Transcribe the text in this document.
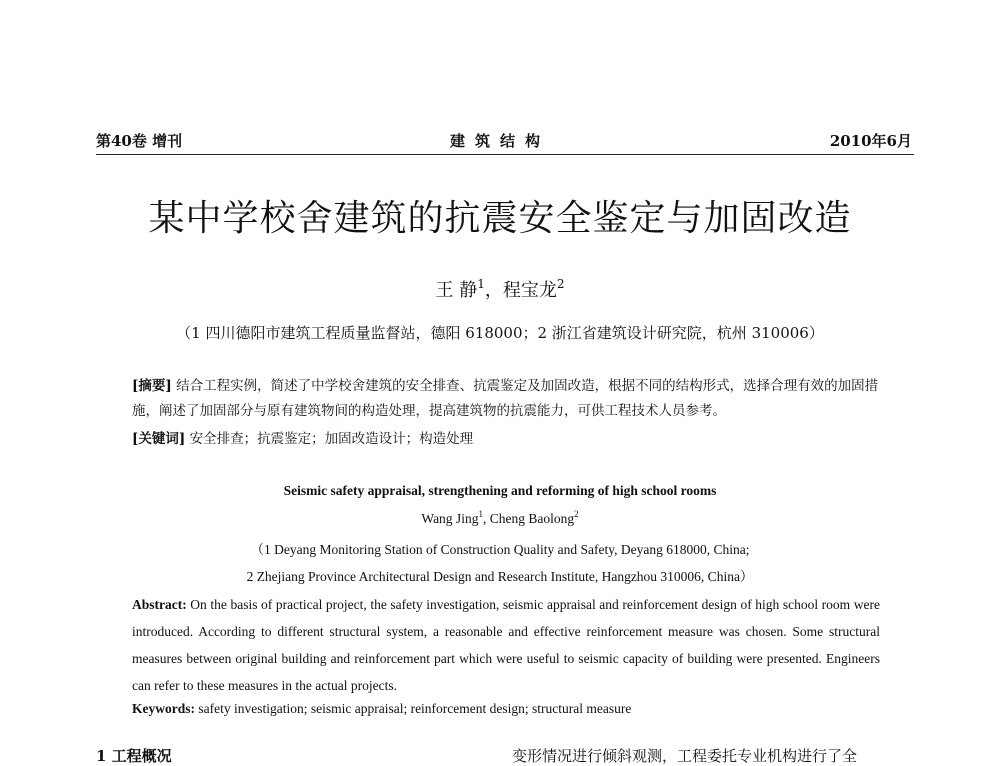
第40卷 增刊	建筑结构	2010年6月
某中学校舍建筑的抗震安全鉴定与加固改造
王 静$^1$，程宝龙$^2$
（1 四川德阳市建筑工程质量监督站，德阳 618000；2 浙江省建筑设计研究院，杭州 310006）
[摘要] 结合工程实例，简述了中学校舍建筑的安全排查、抗震鉴定及加固改造，根据不同的结构形式，选择合理有效的加固措施，阐述了加固部分与原有建筑物间的构造处理，提高建筑物的抗震能力，可供工程技术人员参考。
[关键词] 安全排查；抗震鉴定；加固改造设计；构造处理
Seismic safety appraisal, strengthening and reforming of high school rooms
Wang Jing$^1$, Cheng Baolong$^2$
（1 Deyang Monitoring Station of Construction Quality and Safety, Deyang 618000, China;
2 Zhejiang Province Architectural Design and Research Institute, Hangzhou 310006, China）
Abstract: On the basis of practical project, the safety investigation, seismic appraisal and reinforcement design of high school room were introduced. According to different structural system, a reasonable and effective reinforcement measure was chosen. Some structural measures between original building and reinforcement part which were useful to seismic capacity of building were presented. Engineers can refer to these measures in the actual projects.
Keywords: safety investigation; seismic appraisal; reinforcement design; structural measure
1 工程概况	变形情况进行倾斜观测，工程委托专业机构进行了全
